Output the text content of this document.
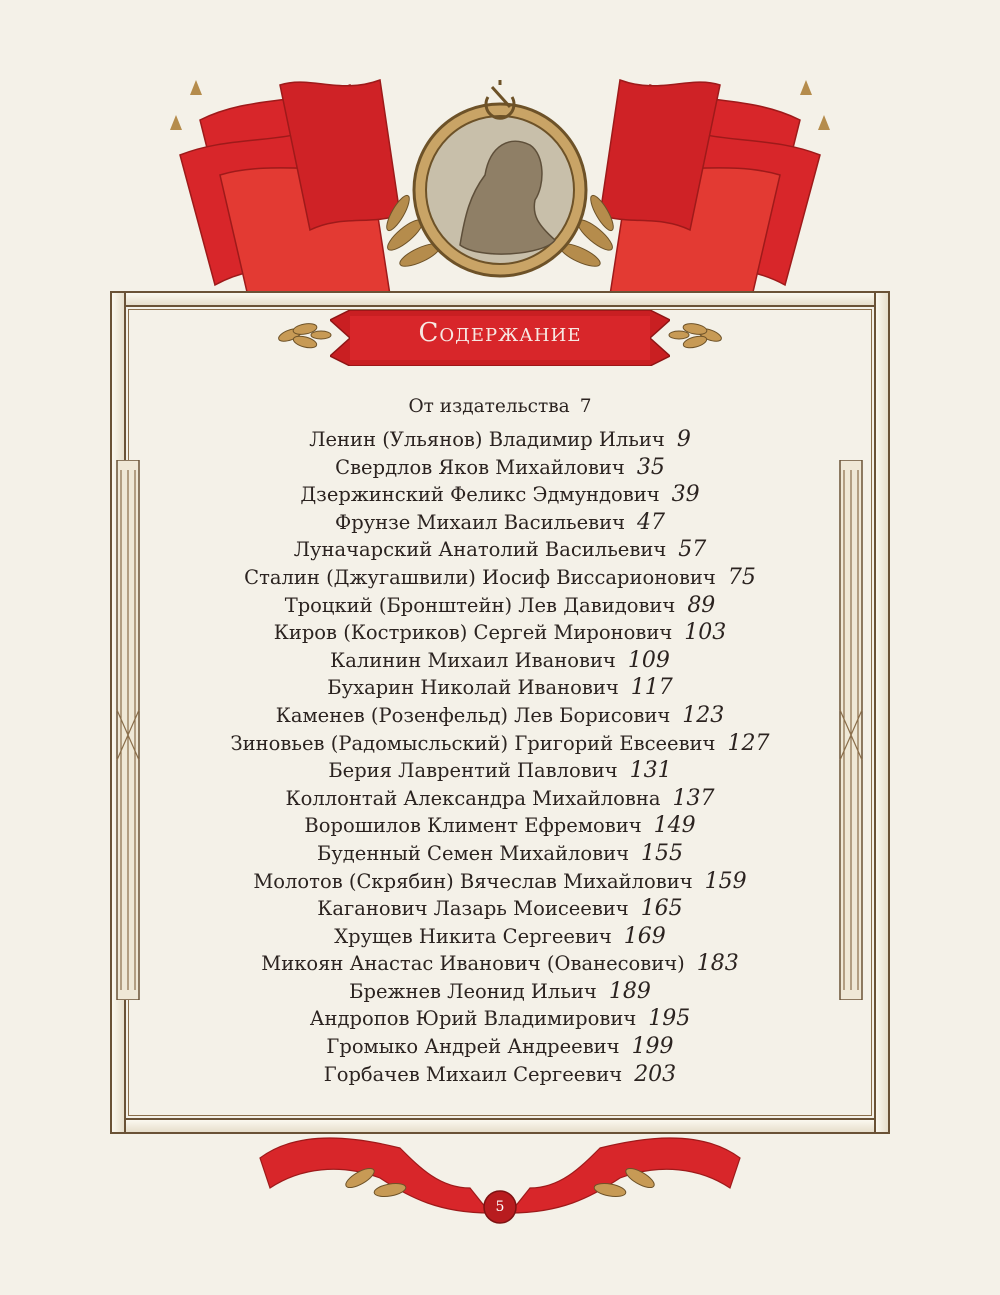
Содержание
От издательства 7
Ленин (Ульянов) Владимир Ильич 9
Свердлов Яков Михайлович 35
Дзержинский Феликс Эдмундович 39
Фрунзе Михаил Васильевич 47
Луначарский Анатолий Васильевич 57
Сталин (Джугашвили) Иосиф Виссарионович 75
Троцкий (Бронштейн) Лев Давидович 89
Киров (Костриков) Сергей Миронович 103
Калинин Михаил Иванович 109
Бухарин Николай Иванович 117
Каменев (Розенфельд) Лев Борисович 123
Зиновьев (Радомысльский) Григорий Евсеевич 127
Берия Лаврентий Павлович 131
Коллонтай Александра Михайловна 137
Ворошилов Климент Ефремович 149
Буденный Семен Михайлович 155
Молотов (Скрябин) Вячеслав Михайлович 159
Каганович Лазарь Моисеевич 165
Хрущев Никита Сергеевич 169
Микоян Анастас Иванович (Ованесович) 183
Брежнев Леонид Ильич 189
Андропов Юрий Владимирович 195
Громыко Андрей Андреевич 199
Горбачев Михаил Сергеевич 203
5
